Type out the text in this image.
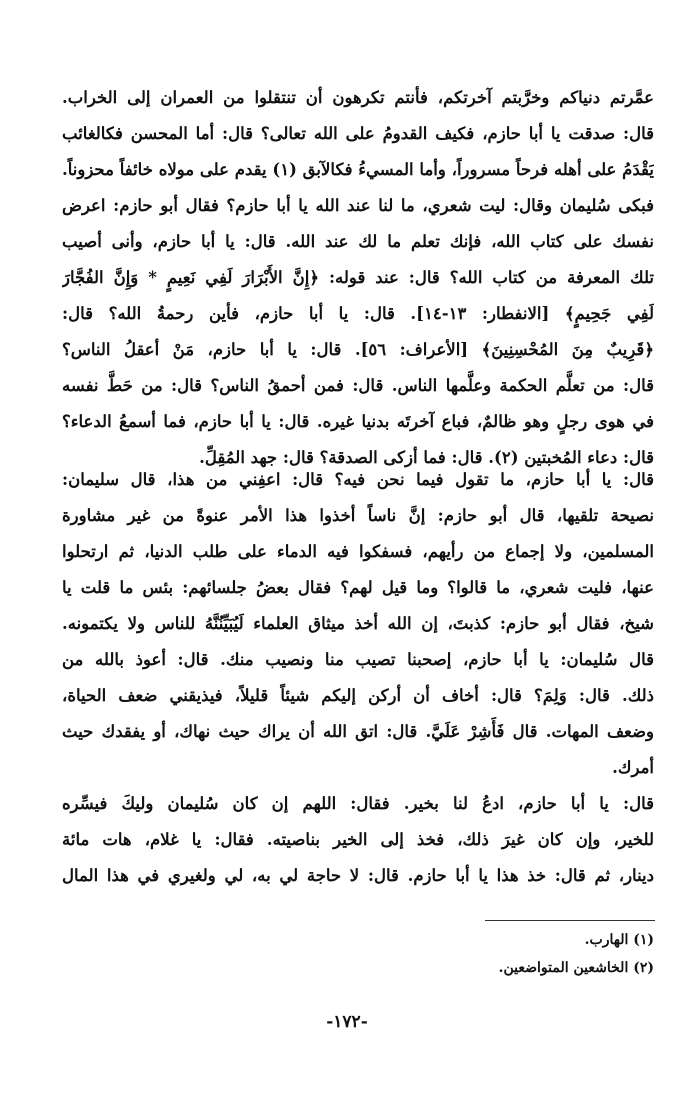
عمَّرتم دنياكم وخرَّبتم آخرتكم، فأنتم تكرهون أن تنتقلوا من العمران إلى الخراب.
قال: صدقت يا أبا حازم، فكيف القدومُ على الله تعالى؟ قال: أما المحسن فكالغائب
يَقْدَمُ على أهله فرحاً مسروراً، وأما المسيءُ فكالآبق (١) يقدم على مولاه خائفاً محزوناً.
فبكى سُليمان وقال: ليت شعري، ما لنا عند الله يا أبا حازم؟ فقال أبو حازم: اعرض
نفسك على كتاب الله، فإنك تعلم ما لك عند الله. قال: يا أبا حازم، وأنى أصيب
تلك المعرفة من كتاب الله؟ قال: عند قوله: ﴿إِنَّ الأَبْرَارَ لَفِي نَعِيمٍ * وَإِنَّ الفُجَّارَ
لَفِي جَحِيمٍ﴾ [الانفطار: ١٣-١٤]. قال: يا أبا حازم، فأين رحمةُ الله؟ قال:
﴿قَرِيبٌ مِنَ المُحْسِنِينَ﴾ [الأعراف: ٥٦]. قال: يا أبا حازم، مَنْ أعقلُ الناس؟
قال: من تعلَّم الحكمة وعلَّمها الناس. قال: فمن أحمقُ الناس؟ قال: من حَطَّ نفسه
في هوى رجلٍ وهو ظالمٌ، فباع آخرتَه بدنيا غيره. قال: يا أبا حازم، فما أسمعُ الدعاء؟
قال: دعاء المُخبتين (٢). قال: فما أزكى الصدقة؟ قال: جهد المُقِلِّ.
قال: يا أبا حازم، ما تقول فيما نحن فيه؟ قال: اعفِني من هذا، قال سليمان:
نصيحة تلقيها، قال أبو حازم: إنَّ ناساً أخذوا هذا الأمر عنوةً من غير مشاورة
المسلمين، ولا إجماع من رأيهم، فسفكوا فيه الدماء على طلب الدنيا، ثم ارتحلوا
عنها، فليت شعري، ما قالوا؟ وما قيل لهم؟ فقال بعضُ جلسائهم: بئس ما قلت يا
شيخ، فقال أبو حازم: كذبتَ، إن الله أخذ ميثاق العلماء لَيُبَيِّنُنَّهُ للناس ولا يكتمونه.
قال سُليمان: يا أبا حازم، إصحبنا تصيب منا ونصيب منك. قال: أعوذ بالله من
ذلك. قال: وَلِمَ؟ قال: أخاف أن أركن إليكم شيئاً قليلاً، فيذيقني ضعف الحياة،
وضعف المهات. قال فَأَشِرْ عَلَيَّ. قال: اتق الله أن يراك حيث نهاك، أو يفقدك حيث
أمرك.
قال: يا أبا حازم، ادعُ لنا بخير. فقال: اللهم إن كان سُليمان وليكَ فيسِّره
للخير، وإن كان غيرَ ذلك، فخذ إلى الخير بناصيته. فقال: يا غلام، هات مائة
دينار، ثم قال: خذ هذا يا أبا حازم. قال: لا حاجة لي به، لي ولغيري في هذا المال
(١) الهارب.
(٢) الخاشعين المتواضعين.
-١٧٢-
